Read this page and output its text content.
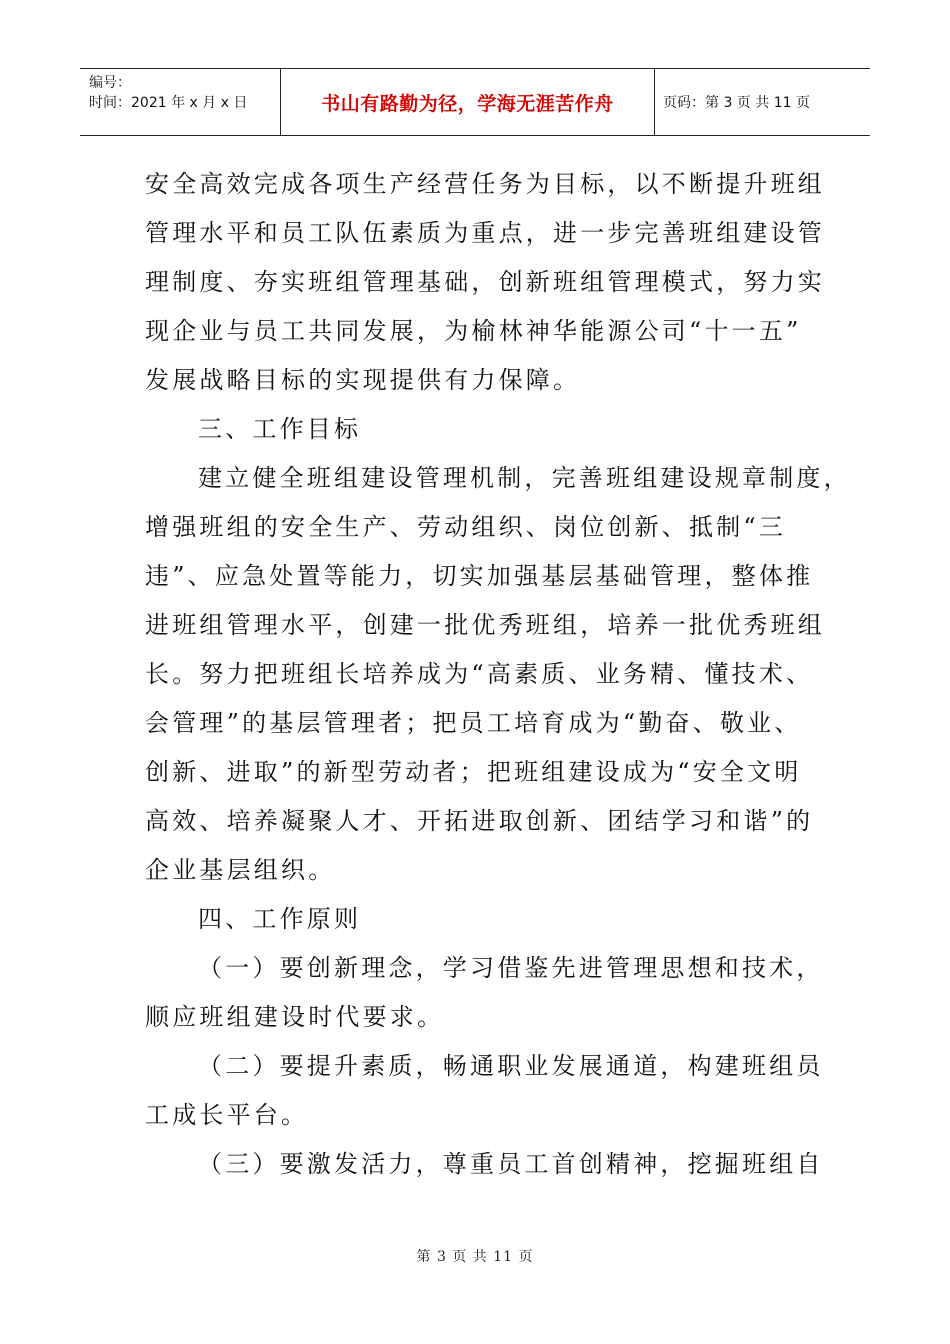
编号：
时间：2021 年 x 月 x 日	书山有路勤为径，学海无涯苦作舟	页码：第 3 页 共 11 页
安全高效完成各项生产经营任务为目标，以不断提升班组
管理水平和员工队伍素质为重点，进一步完善班组建设管
理制度、夯实班组管理基础，创新班组管理模式，努力实
现企业与员工共同发展，为榆林神华能源公司“十一五”
发展战略目标的实现提供有力保障。
三、工作目标
建立健全班组建设管理机制，完善班组建设规章制度，
增强班组的安全生产、劳动组织、岗位创新、抵制“三
违”、应急处置等能力，切实加强基层基础管理，整体推
进班组管理水平，创建一批优秀班组，培养一批优秀班组
长。努力把班组长培养成为“高素质、业务精、懂技术、
会管理”的基层管理者；把员工培育成为“勤奋、敬业、
创新、进取”的新型劳动者；把班组建设成为“安全文明
高效、培养凝聚人才、开拓进取创新、团结学习和谐”的
企业基层组织。
四、工作原则
（一）要创新理念，学习借鉴先进管理思想和技术，
顺应班组建设时代要求。
（二）要提升素质，畅通职业发展通道，构建班组员
工成长平台。
（三）要激发活力，尊重员工首创精神，挖掘班组自
第 3 页 共 11 页
